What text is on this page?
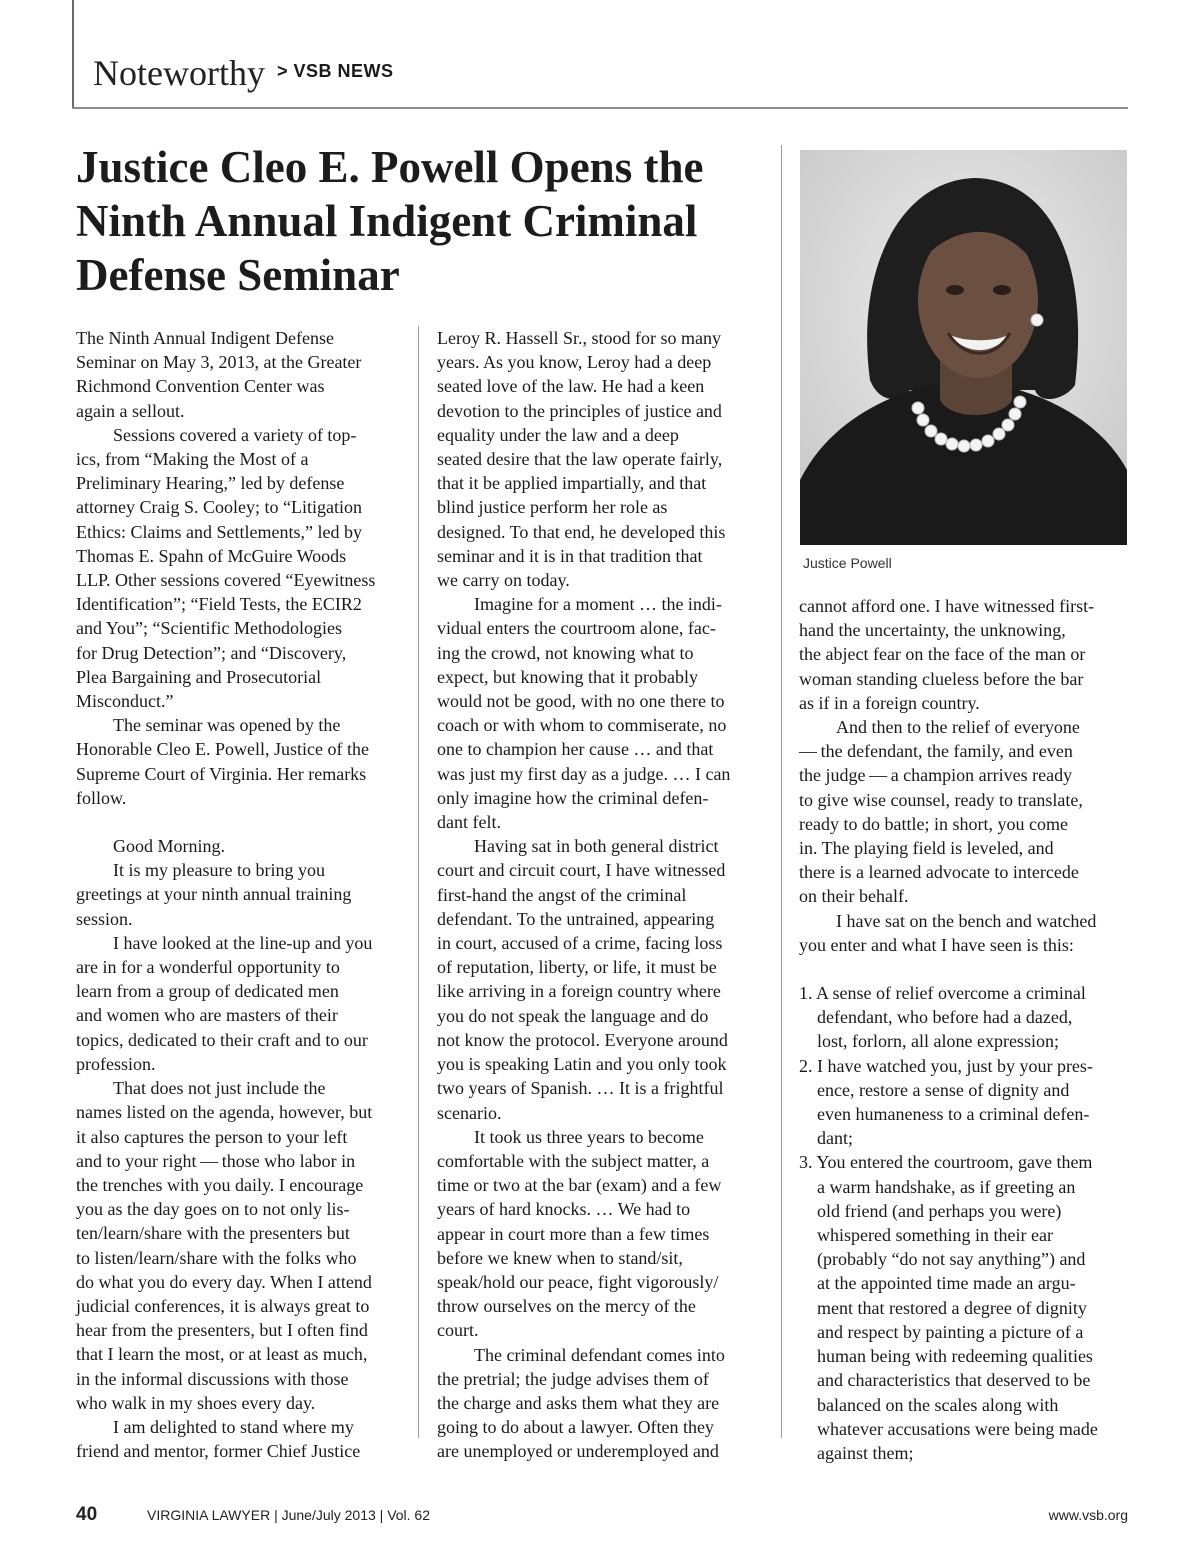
Noteworthy > VSB NEWS
Justice Cleo E. Powell Opens the
Ninth Annual Indigent Criminal
Defense Seminar

The Ninth Annual Indigent Defense
Seminar on May 3, 2013, at the Greater
Richmond Convention Center was
again a sellout.

Sessions covered a variety of top-
ics, from “Making the Most of a
Preliminary Hearing,” led by defense
attorney Craig S. Cooley; to “Litigation
Ethics: Claims and Settlements,” led by
Thomas E. Spahn of McGuire Woods
LLP. Other sessions covered “Eyewitness
Identification”; “Field Tests, the ECIR2
and You”; “Scientific Methodologies
for Drug Detection”; and “Discovery,
Plea Bargaining and Prosecutorial
Misconduct.”

The seminar was opened by the
Honorable Cleo E. Powell, Justice of the
Supreme Court of Virginia. Her remarks
follow.

Good Morning.

It is my pleasure to bring you
greetings at your ninth annual training
session.

I have looked at the line-up and you
are in for a wonderful opportunity to
learn from a group of dedicated men
and women who are masters of their
topics, dedicated to their craft and to our
profession.

That does not just include the
names listed on the agenda, however, but
it also captures the person to your left
and to your right — those who labor in
the trenches with you daily. I encourage
you as the day goes on to not only lis-
ten/learn/share with the presenters but
to listen/learn/share with the folks who
do what you do every day. When I attend
judicial conferences, it is always great to
hear from the presenters, but I often find
that I learn the most, or at least as much,
in the informal discussions with those
who walk in my shoes every day.

I am delighted to stand where my
friend and mentor, former Chief Justice

Leroy R. Hassell Sr., stood for so many
years. As you know, Leroy had a deep
seated love of the law. He had a keen
devotion to the principles of justice and
equality under the law and a deep
seated desire that the law operate fairly,
that it be applied impartially, and that
blind justice perform her role as
designed. To that end, he developed this
seminar and it is in that tradition that
we carry on today.

Imagine for a moment … the indi-
vidual enters the courtroom alone, fac-
ing the crowd, not knowing what to
expect, but knowing that it probably
would not be good, with no one there to
coach or with whom to commiserate, no
one to champion her cause … and that
was just my first day as a judge. … I can
only imagine how the criminal defen-
dant felt.

Having sat in both general district
court and circuit court, I have witnessed
first-hand the angst of the criminal
defendant. To the untrained, appearing
in court, accused of a crime, facing loss
of reputation, liberty, or life, it must be
like arriving in a foreign country where
you do not speak the language and do
not know the protocol. Everyone around
you is speaking Latin and you only took
two years of Spanish. … It is a frightful
scenario.

It took us three years to become
comfortable with the subject matter, a
time or two at the bar (exam) and a few
years of hard knocks. … We had to
appear in court more than a few times
before we knew when to stand/sit,
speak/hold our peace, fight vigorously/
throw ourselves on the mercy of the
court.

The criminal defendant comes into
the pretrial; the judge advises them of
the charge and asks them what they are
going to do about a lawyer. Often they
are unemployed or underemployed and

Justice Powell

cannot afford one. I have witnessed first-
hand the uncertainty, the unknowing,
the abject fear on the face of the man or
woman standing clueless before the bar
as if in a foreign country.

And then to the relief of everyone
— the defendant, the family, and even
the judge — a champion arrives ready
to give wise counsel, ready to translate,
ready to do battle; in short, you come
in. The playing field is leveled, and
there is a learned advocate to intercede
on their behalf.

I have sat on the bench and watched
you enter and what I have seen is this:

1. A sense of relief overcome a criminal
defendant, who before had a dazed,
lost, forlorn, all alone expression;
2. I have watched you, just by your pres-
ence, restore a sense of dignity and
even humaneness to a criminal defen-
dant;
3. You entered the courtroom, gave them
a warm handshake, as if greeting an
old friend (and perhaps you were)
whispered something in their ear
(probably “do not say anything”) and
at the appointed time made an argu-
ment that restored a degree of dignity
and respect by painting a picture of a
human being with redeeming qualities
and characteristics that deserved to be
balanced on the scales along with
whatever accusations were being made
against them;
40	VIRGINIA LAWYER | June/July 2013 | Vol. 62	www.vsb.org
